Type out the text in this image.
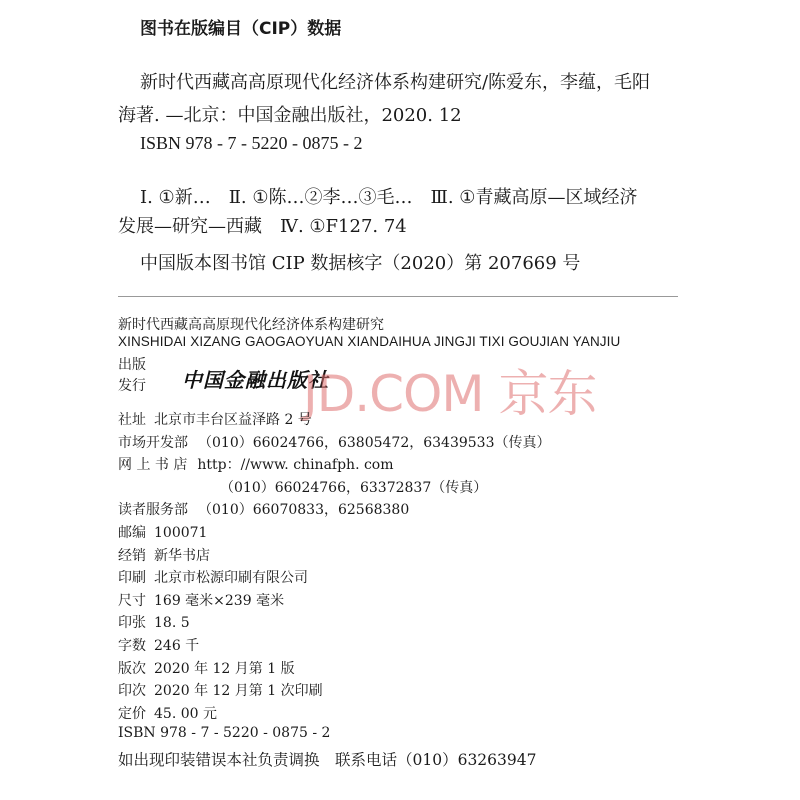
图书在版编目（CIP）数据
新时代西藏高高原现代化经济体系构建研究/陈爱东，李蕴，毛阳
海著. —北京：中国金融出版社，2020. 12
ISBN 978 - 7 - 5220 - 0875 - 2
Ⅰ. ①新…　Ⅱ. ①陈…②李…③毛…　Ⅲ. ①青藏高原—区域经济
发展—研究—西藏　Ⅳ. ①F127. 74
中国版本图书馆 CIP 数据核字（2020）第 207669 号
新时代西藏高高原现代化经济体系构建研究
XINSHIDAI XIZANG GAOGAOYUAN XIANDAIHUA JINGJI TIXI GOUJIAN YANJIU
出版
发行 中国金融出版社
JD.COM 京东
社址 北京市丰台区益泽路 2 号
市场开发部 （010）66024766，63805472，63439533（传真）
网 上 书 店 http：//www. chinafph. com
（010）66024766，63372837（传真）
读者服务部 （010）66070833，62568380
邮编 100071
经销 新华书店
印刷 北京市松源印刷有限公司
尺寸 169 毫米×239 毫米
印张 18. 5
字数 246 千
版次 2020 年 12 月第 1 版
印次 2020 年 12 月第 1 次印刷
定价 45. 00 元
ISBN 978 - 7 - 5220 - 0875 - 2
如出现印装错误本社负责调换　联系电话（010）63263947
